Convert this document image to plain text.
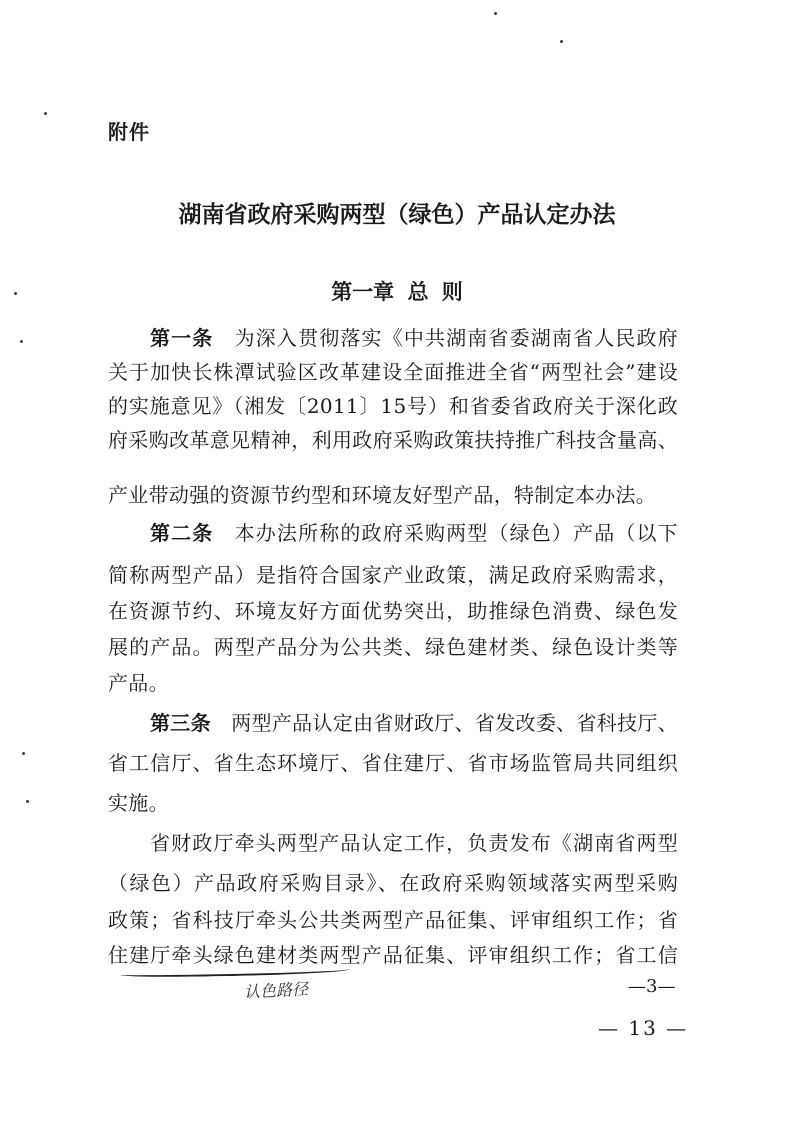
附件
湖南省政府采购两型（绿色）产品认定办法
第一章 总 则
第一条　 为深入贯彻落实《中共湖南省委湖南省人民政府
关于加快长株潭试验区改革建设全面推进全省“两型社会”建设
的实施意见》（湘发〔2011〕15号）和省委省政府关于深化政
府采购改革意见精神，利用政府采购政策扶持推广科技含量高、
产业带动强的资源节约型和环境友好型产品，特制定本办法。
第二条　 本办法所称的政府采购两型（绿色）产品（以下
简称两型产品）是指符合国家产业政策，满足政府采购需求，
在资源节约、环境友好方面优势突出，助推绿色消费、绿色发
展的产品。两型产品分为公共类、绿色建材类、绿色设计类等
产品。
第三条　 两型产品认定由省财政厅、省发改委、省科技厅、
省工信厅、省生态环境厅、省住建厅、省市场监管局共同组织
实施。
省财政厅牵头两型产品认定工作，负责发布《湖南省两型
（绿色）产品政府采购目录》、在政府采购领域落实两型采购
政策；省科技厅牵头公共类两型产品征集、评审组织工作；省
住建厅牵头绿色建材类两型产品征集、评审组织工作；省工信
认色路径	—3—
— 13 —
